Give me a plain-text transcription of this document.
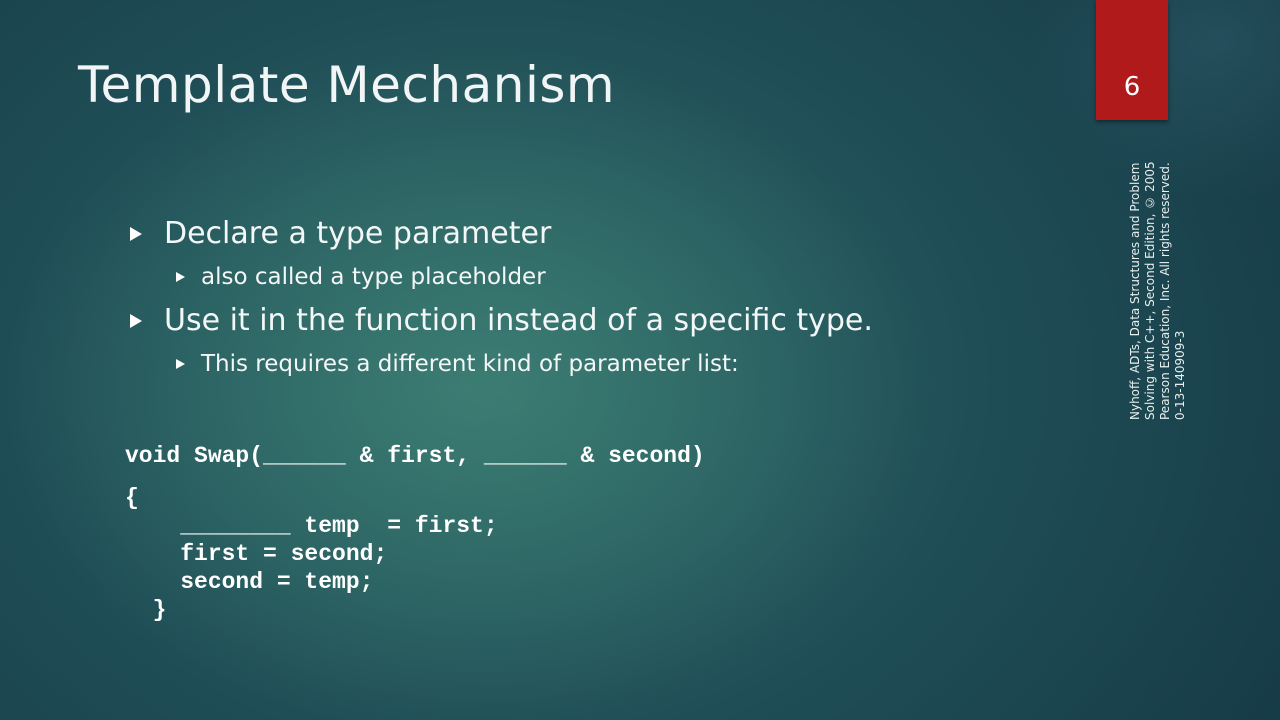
Template Mechanism	6
Nyhoff, ADTs, Data Structures and Problem Solving with C++, Second Edition, © 2005 Pearson Education, Inc. All rights reserved. 0-13-140909-3
Declare a type parameter
also called a type placeholder
Use it in the function instead of a specific type.
This requires a different kind of parameter list:
void Swap(______ & first, ______ & second)
{
________ temp  = first;
first = second;
second = temp;
}
